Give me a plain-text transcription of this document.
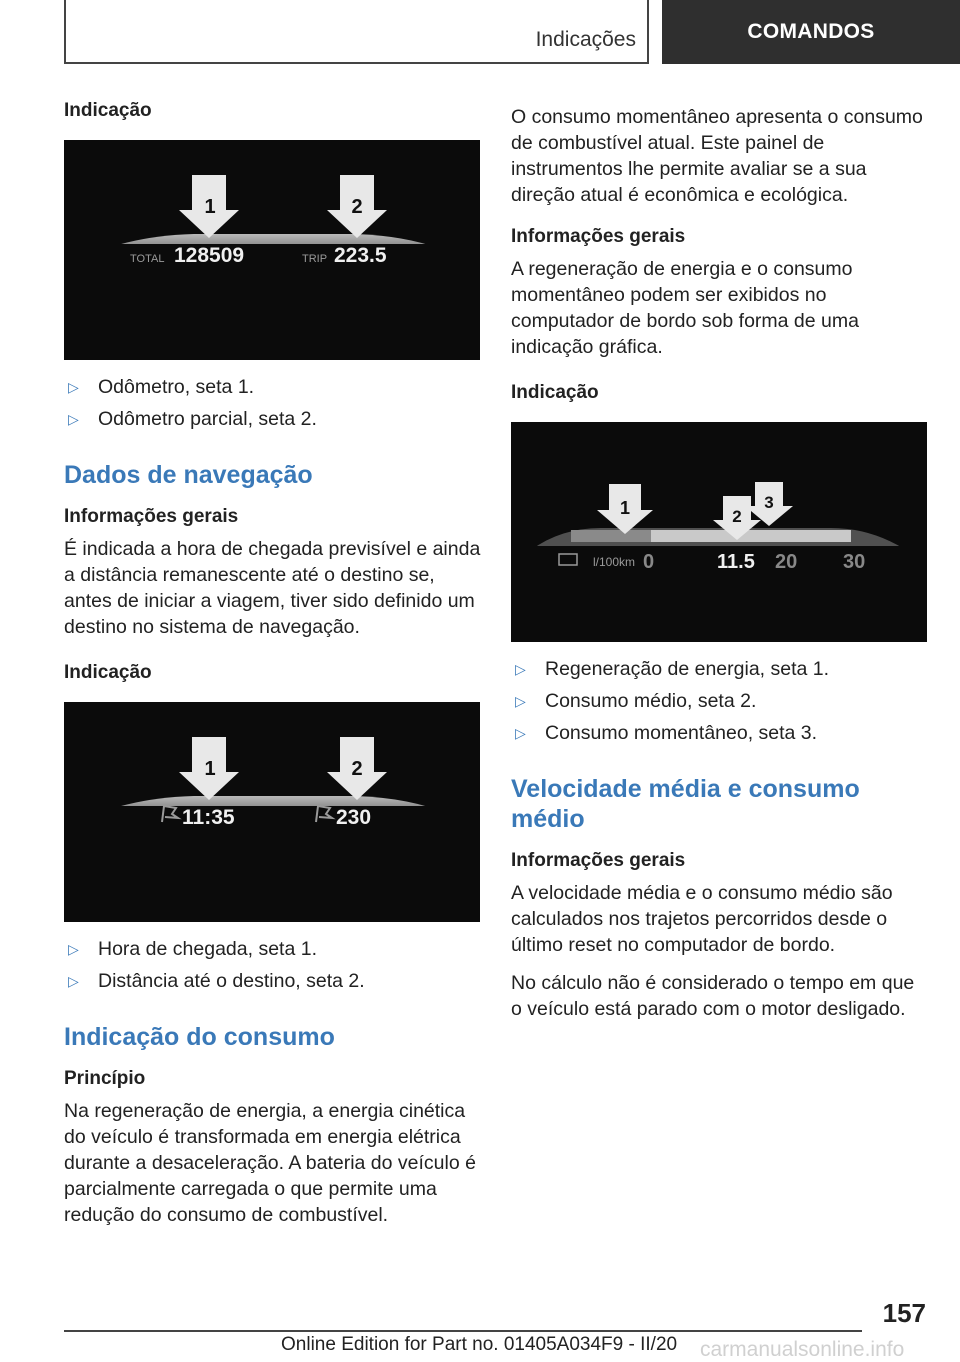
Indicações	COMANDOS
Indicação
1	2
TOTAL 128509	TRIP 223.5
▷ Odômetro, seta 1.
▷ Odômetro parcial, seta 2.
Dados de navegação
Informações gerais

É indicada a hora de chegada previsível e ainda a distância remanescente até o destino se, antes de iniciar a viagem, tiver sido definido um destino no sistema de navegação.

Indicação
1	2
11:35	230
▷ Hora de chegada, seta 1.
▷ Distância até o destino, seta 2.
Indicação do consumo
Princípio

Na regeneração de energia, a energia cinética do veículo é transformada em energia elétrica durante a desaceleração. A bateria do veículo é parcialmente carregada o que permite uma redução do consumo de combustível.

O consumo momentâneo apresenta o consumo de combustível atual. Este painel de instrumentos lhe permite avaliar se a sua direção atual é econômica e ecológica.

Informações gerais

A regeneração de energia e o consumo momentâneo podem ser exibidos no computador de bordo sob forma de uma indicação gráfica.

Indicação
1	2
3
l/100km 0	11.5 20 30
▷ Regeneração de energia, seta 1.
▷ Consumo médio, seta 2.
▷ Consumo momentâneo, seta 3.
Velocidade média e consumo médio
Informações gerais

A velocidade média e o consumo médio são calculados nos trajetos percorridos desde o último reset no computador de bordo.

No cálculo não é considerado o tempo em que o veículo está parado com o motor desligado.

157
Online Edition for Part no. 01405A034F9 - II/20 carmanualsonline.info
